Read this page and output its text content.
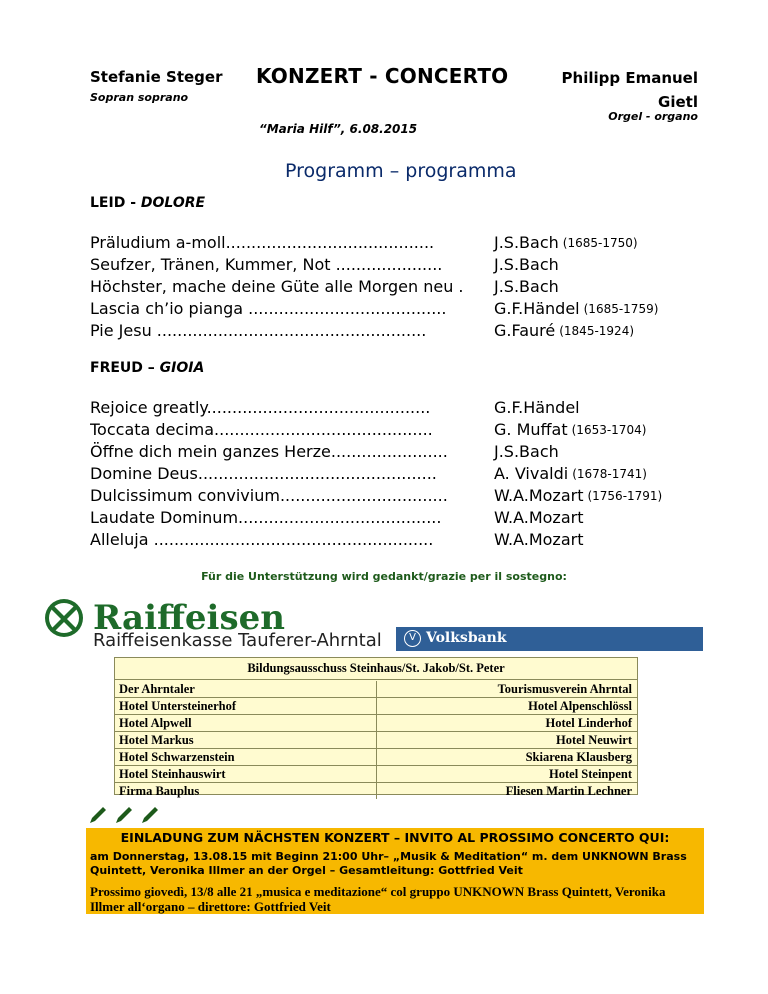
Stefanie Steger
Sopran soprano
KONZERT - CONCERTO	Philipp Emanuel
Gietl
Orgel - organo
“Maria Hilf”, 6.08.2015
Programm – programma
LEID - DOLORE
Präludium a-moll.........................................	J.S.Bach (1685-1750)
Seufzer, Tränen, Kummer, Not .....................	J.S.Bach
Höchster, mache deine Güte alle Morgen neu .	J.S.Bach
Lascia ch’io pianga .......................................	G.F.Händel (1685-1759)
Pie Jesu .....................................................	G.Fauré (1845-1924)
FREUD – GIOIA
Rejoice greatly............................................	G.F.Händel
Toccata decima...........................................	G. Muffat (1653-1704)
Öffne dich mein ganzes Herze.......................	J.S.Bach
Domine Deus...............................................	A. Vivaldi (1678-1741)
Dulcissimum convivium.................................	W.A.Mozart (1756-1791)
Laudate Dominum........................................	W.A.Mozart
Alleluja .......................................................	W.A.Mozart
Für die Unterstützung wird gedankt/grazie per il sostegno:
Raiffeisen
Raiffeisenkasse Tauferer-Ahrntal	V Volksbank
Bildungsausschuss Steinhaus/St. Jakob/St. Peter
Der Ahrntaler	Tourismusverein Ahrntal
Hotel Untersteinerhof	Hotel Alpenschlössl
Hotel Alpwell	Hotel Linderhof
Hotel Markus	Hotel Neuwirt
Hotel Schwarzenstein	Skiarena Klausberg
Hotel Steinhauswirt	Hotel Steinpent
Firma Bauplus	Fliesen Martin Lechner
EINLADUNG ZUM NÄCHSTEN KONZERT – INVITO AL PROSSIMO CONCERTO QUI:
am Donnerstag, 13.08.15 mit Beginn 21:00 Uhr– „Musik & Meditation“ m. dem UNKNOWN Brass Quintett, Veronika Illmer an der Orgel – Gesamtleitung: Gottfried Veit
Prossimo giovedì, 13/8 alle 21 „musica e meditazione“ col gruppo UNKNOWN Brass Quintett, Veronika Illmer all‘organo – direttore: Gottfried Veit
